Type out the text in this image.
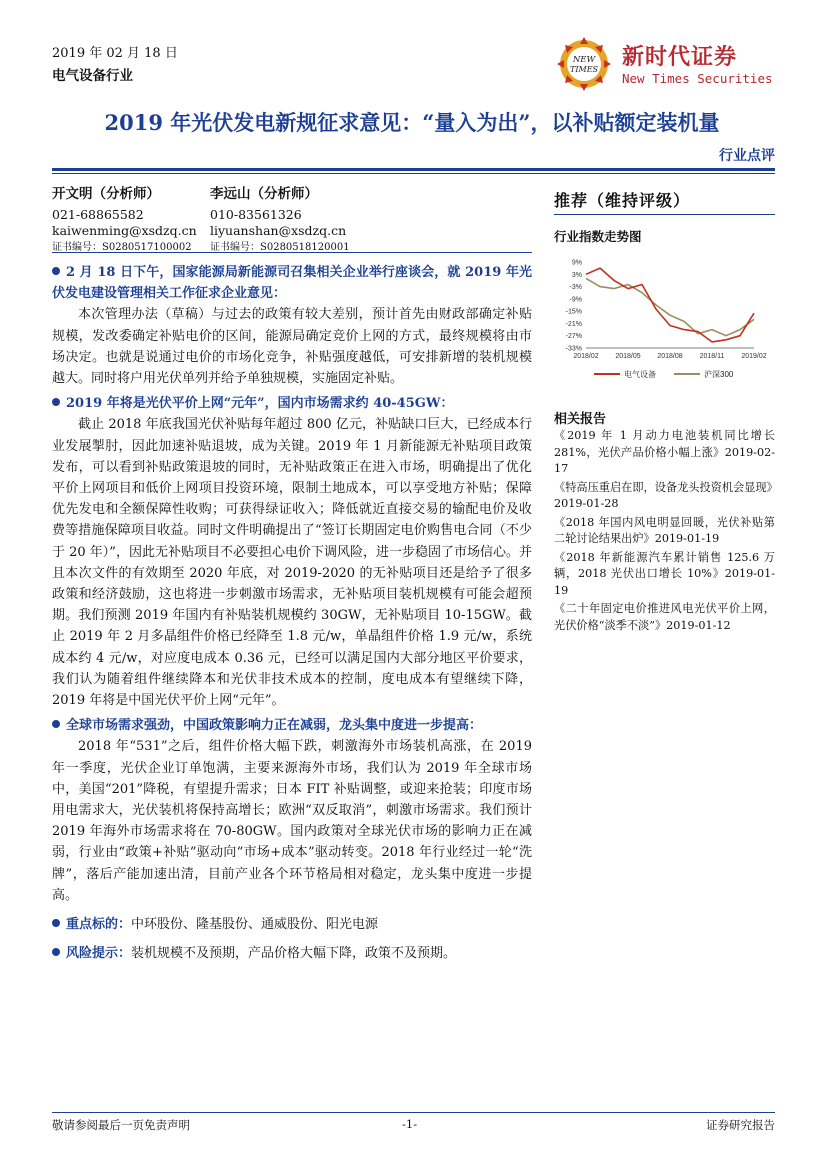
2019 年 02 月 18 日
电气设备行业
NEW
TIMES 新时代证券
New Times Securities
2019 年光伏发电新规征求意见：“量入为出”，以补贴额定装机量
行业点评
开文明（分析师）
021-68865582
kaiwenming@xsdzq.cn
证书编号：S0280517100002
李远山（分析师）
010-83561326
liyuanshan@xsdzq.cn
证书编号：S0280518120001
2 月 18 日下午，国家能源局新能源司召集相关企业举行座谈会，就 2019 年光伏发电建设管理相关工作征求企业意见：

本次管理办法（草稿）与过去的政策有较大差别，预计首先由财政部确定补贴规模，发改委确定补贴电价的区间，能源局确定竞价上网的方式，最终规模将由市场决定。也就是说通过电价的市场化竞争，补贴强度越低，可安排新增的装机规模越大。同时将户用光伏单列并给予单独规模，实施固定补贴。

2019 年将是光伏平价上网“元年”，国内市场需求约 40-45GW：

截止 2018 年底我国光伏补贴每年超过 800 亿元，补贴缺口巨大，已经成本行业发展掣肘，因此加速补贴退坡，成为关键。2019 年 1 月新能源无补贴项目政策发布，可以看到补贴政策退坡的同时，无补贴政策正在进入市场，明确提出了优化平价上网项目和低价上网项目投资环境，限制土地成本，可以享受地方补贴；保障优先发电和全额保障性收购；可获得绿证收入；降低就近直接交易的输配电价及收费等措施保障项目收益。同时文件明确提出了“签订长期固定电价购售电合同（不少于 20 年）”，因此无补贴项目不必要担心电价下调风险，进一步稳固了市场信心。并且本次文件的有效期至 2020 年底，对 2019-2020 的无补贴项目还是给予了很多政策和经济鼓励，这也将进一步刺激市场需求，无补贴项目装机规模有可能会超预期。我们预测 2019 年国内有补贴装机规模约 30GW，无补贴项目 10-15GW。截止 2019 年 2 月多晶组件价格已经降至 1.8 元/w，单晶组件价格 1.9 元/w，系统成本约 4 元/w，对应度电成本 0.36 元，已经可以满足国内大部分地区平价要求，我们认为随着组件继续降本和光伏非技术成本的控制，度电成本有望继续下降，2019 年将是中国光伏平价上网“元年”。

全球市场需求强劲，中国政策影响力正在减弱，龙头集中度进一步提高：

2018 年“531”之后，组件价格大幅下跌，刺激海外市场装机高涨，在 2019 年一季度，光伏企业订单饱满，主要来源海外市场，我们认为 2019 年全球市场中，美国“201”降税，有望提升需求；日本 FIT 补贴调整，或迎来抢装；印度市场用电需求大，光伏装机将保持高增长；欧洲“双反取消”，刺激市场需求。我们预计 2019 年海外市场需求将在 70-80GW。国内政策对全球光伏市场的影响力正在减弱，行业由“政策+补贴”驱动向“市场+成本”驱动转变。2018 年行业经过一轮“洗牌”，落后产能加速出清，目前产业各个环节格局相对稳定，龙头集中度进一步提高。

重点标的：中环股份、隆基股份、通威股份、阳光电源
风险提示：装机规模不及预期，产品价格大幅下降，政策不及预期。
推荐（维持评级）
行业指数走势图
9%
3%
-3%
-9%
-15%
-21%
-27%
-33%
2018/02 2018/05 2018/08 2018/11 2019/02
电气设备	沪深300
相关报告
《2019 年 1 月动力电池装机同比增长 281%，光伏产品价格小幅上涨》2019-02-17
《特高压重启在即，设备龙头投资机会显现》2019-01-28
《2018 年国内风电明显回暖，光伏补贴第二轮讨论结果出炉》2019-01-19
《2018 年新能源汽车累计销售 125.6 万辆，2018 光伏出口增长 10%》2019-01-19
《二十年固定电价推进风电光伏平价上网，光伏价格“淡季不淡”》2019-01-12
敬请参阅最后一页免责声明	-1-	证券研究报告
